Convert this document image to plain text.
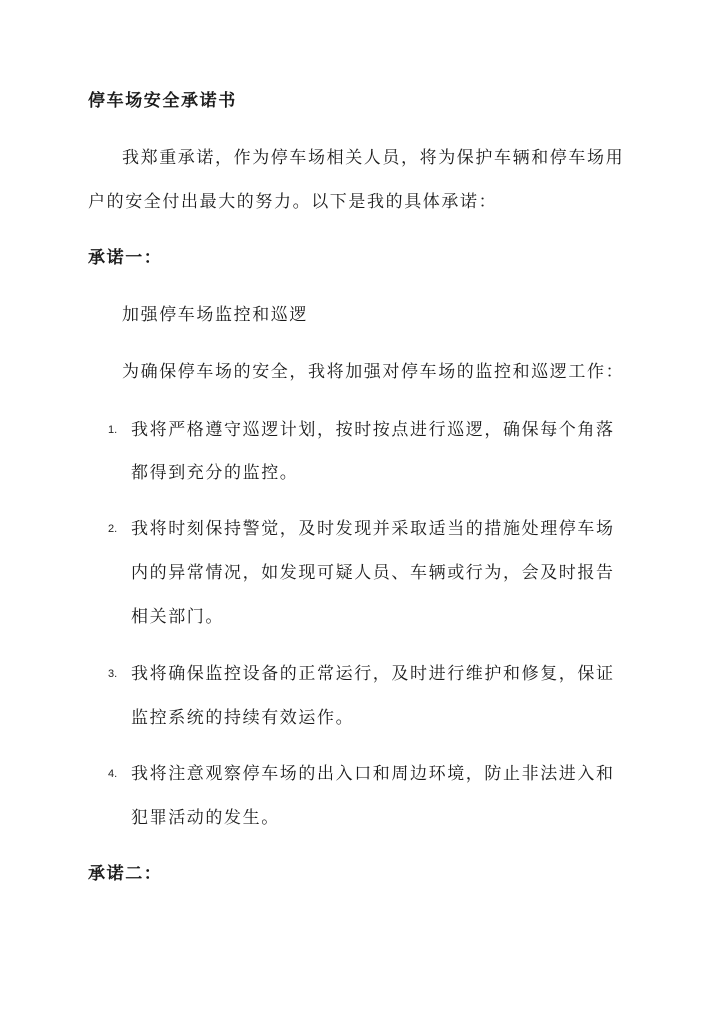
停车场安全承诺书
我郑重承诺，作为停车场相关人员，将为保护车辆和停车场用
户的安全付出最大的努力。以下是我的具体承诺：
承诺一：
加强停车场监控和巡逻
为确保停车场的安全，我将加强对停车场的监控和巡逻工作：
1. 我将严格遵守巡逻计划，按时按点进行巡逻，确保每个角落
都得到充分的监控。
2. 我将时刻保持警觉，及时发现并采取适当的措施处理停车场
内的异常情况，如发现可疑人员、车辆或行为，会及时报告
相关部门。
3. 我将确保监控设备的正常运行，及时进行维护和修复，保证
监控系统的持续有效运作。
4. 我将注意观察停车场的出入口和周边环境，防止非法进入和
犯罪活动的发生。
承诺二：
